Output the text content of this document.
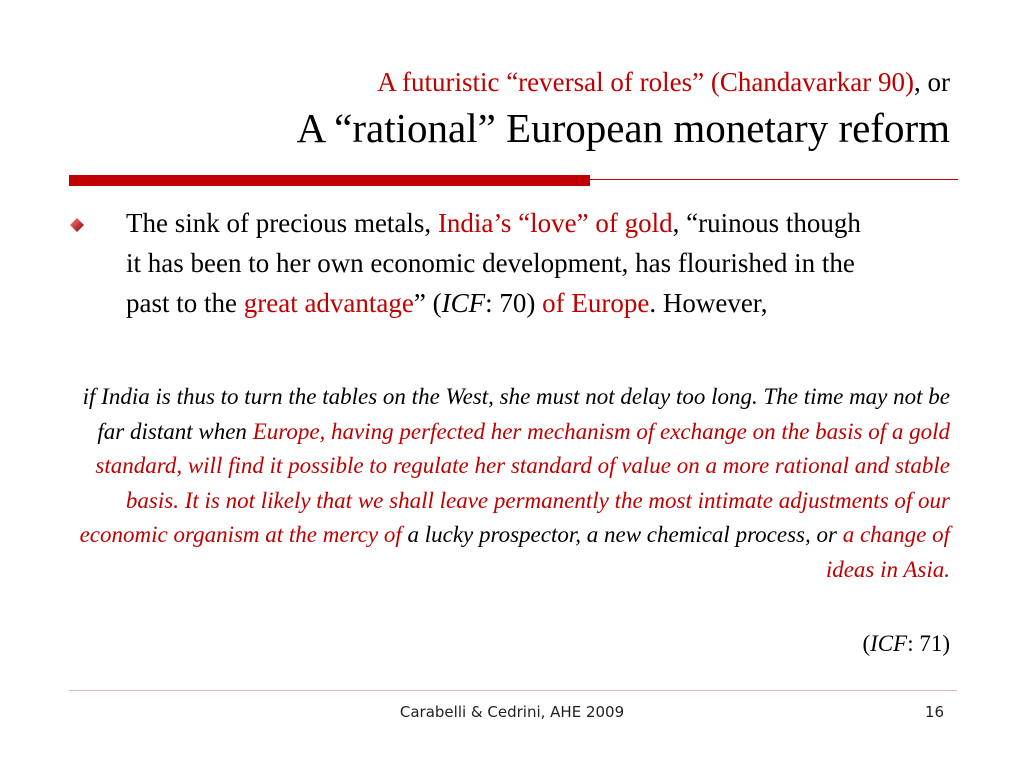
A futuristic “reversal of roles” (Chandavarkar 90), or
A “rational” European monetary reform
The sink of precious metals, India’s “love” of gold, “ruinous though it has been to her own economic development, has flourished in the past to the great advantage” (ICF: 70) of Europe. However,
if India is thus to turn the tables on the West, she must not delay too long. The time may not be far distant when Europe, having perfected her mechanism of exchange on the basis of a gold standard, will find it possible to regulate her standard of value on a more rational and stable basis. It is not likely that we shall leave permanently the most intimate adjustments of our economic organism at the mercy of a lucky prospector, a new chemical process, or a change of ideas in Asia.
(ICF: 71)
Carabelli & Cedrini, AHE 2009	16
